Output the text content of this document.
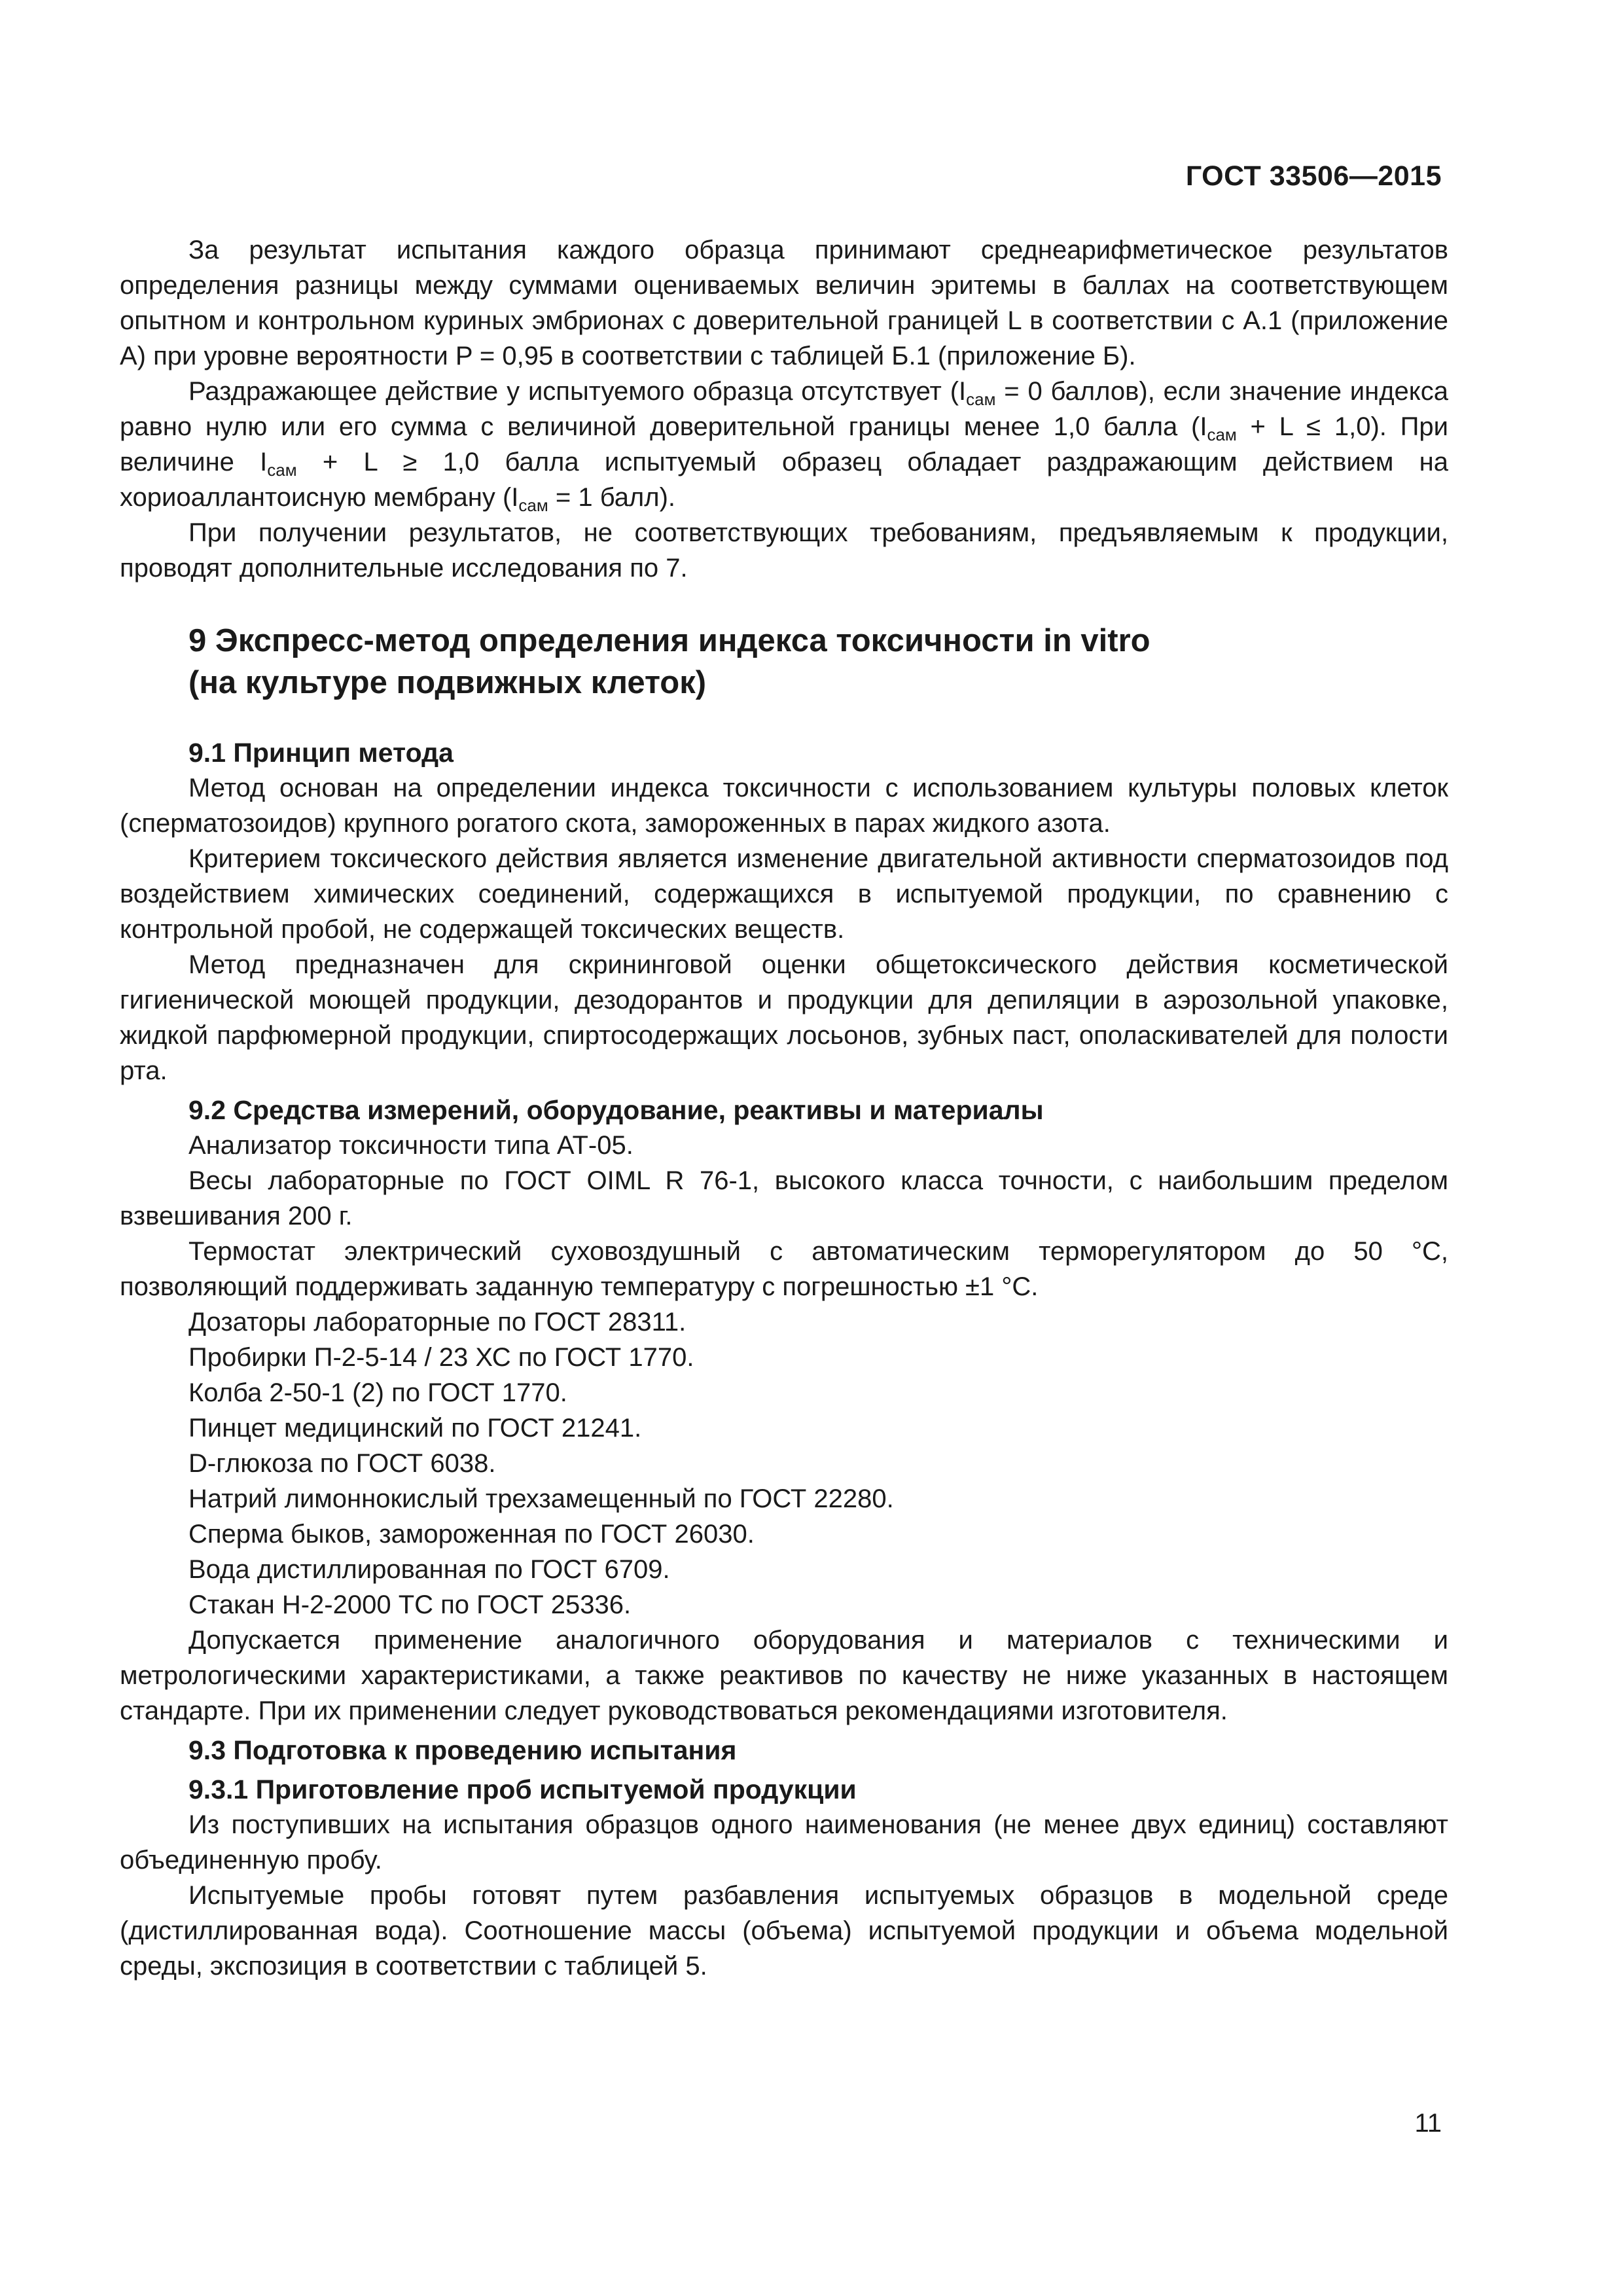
ГОСТ 33506—2015

За результат испытания каждого образца принимают среднеарифметическое результатов определения разницы между суммами оцениваемых величин эритемы в баллах на соответствующем опытном и контрольном куриных эмбрионах с доверительной границей L в соответствии с А.1 (приложение А) при уровне вероятности P = 0,95 в соответствии с таблицей Б.1 (приложение Б).

Раздражающее действие у испытуемого образца отсутствует ($I_{сам} = 0$ баллов), если значение индекса равно нулю или его сумма с величиной доверительной границы менее 1,0 балла $(I_{сам} + L \le 1,0)$. При величине $I_{сам} + L \ge 1,0$ балла испытуемый образец обладает раздражающим действием на хориоаллантоисную мембрану ($I_{сам} = 1$ балл).

При получении результатов, не соответствующих требованиям, предъявляемым к продукции, проводят дополнительные исследования по 7.

9 Экспресс-метод определения индекса токсичности in vitro
(на культуре подвижных клеток)
9.1 Принцип метода

Метод основан на определении индекса токсичности с использованием культуры половых клеток (сперматозоидов) крупного рогатого скота, замороженных в парах жидкого азота.

Критерием токсического действия является изменение двигательной активности сперматозоидов под воздействием химических соединений, содержащихся в испытуемой продукции, по сравнению с контрольной пробой, не содержащей токсических веществ.

Метод предназначен для скрининговой оценки общетоксического действия косметической гигиенической моющей продукции, дезодорантов и продукции для депиляции в аэрозольной упаковке, жидкой парфюмерной продукции, спиртосодержащих лосьонов, зубных паст, ополаскивателей для полости рта.

9.2 Средства измерений, оборудование, реактивы и материалы

Анализатор токсичности типа АТ-05.

Весы лабораторные по ГОСТ OIML R 76-1, высокого класса точности, с наибольшим пределом взвешивания 200 г.

Термостат электрический суховоздушный с автоматическим терморегулятором до 50 °С, позволяющий поддерживать заданную температуру с погрешностью ±1 °С.

Дозаторы лабораторные по ГОСТ 28311.

Пробирки П-2-5-14 / 23 ХС по ГОСТ 1770.

Колба 2-50-1 (2) по ГОСТ 1770.

Пинцет медицинский по ГОСТ 21241.

D-глюкоза по ГОСТ 6038.

Натрий лимоннокислый трехзамещенный по ГОСТ 22280.

Сперма быков, замороженная по ГОСТ 26030.

Вода дистиллированная по ГОСТ 6709.

Стакан Н-2-2000 ТС по ГОСТ 25336.

Допускается применение аналогичного оборудования и материалов с техническими и метрологическими характеристиками, а также реактивов по качеству не ниже указанных в настоящем стандарте. При их применении следует руководствоваться рекомендациями изготовителя.

9.3 Подготовка к проведению испытания
9.3.1 Приготовление проб испытуемой продукции

Из поступивших на испытания образцов одного наименования (не менее двух единиц) составляют объединенную пробу.

Испытуемые пробы готовят путем разбавления испытуемых образцов в модельной среде (дистиллированная вода). Соотношение массы (объема) испытуемой продукции и объема модельной среды, экспозиция в соответствии с таблицей 5.

11
